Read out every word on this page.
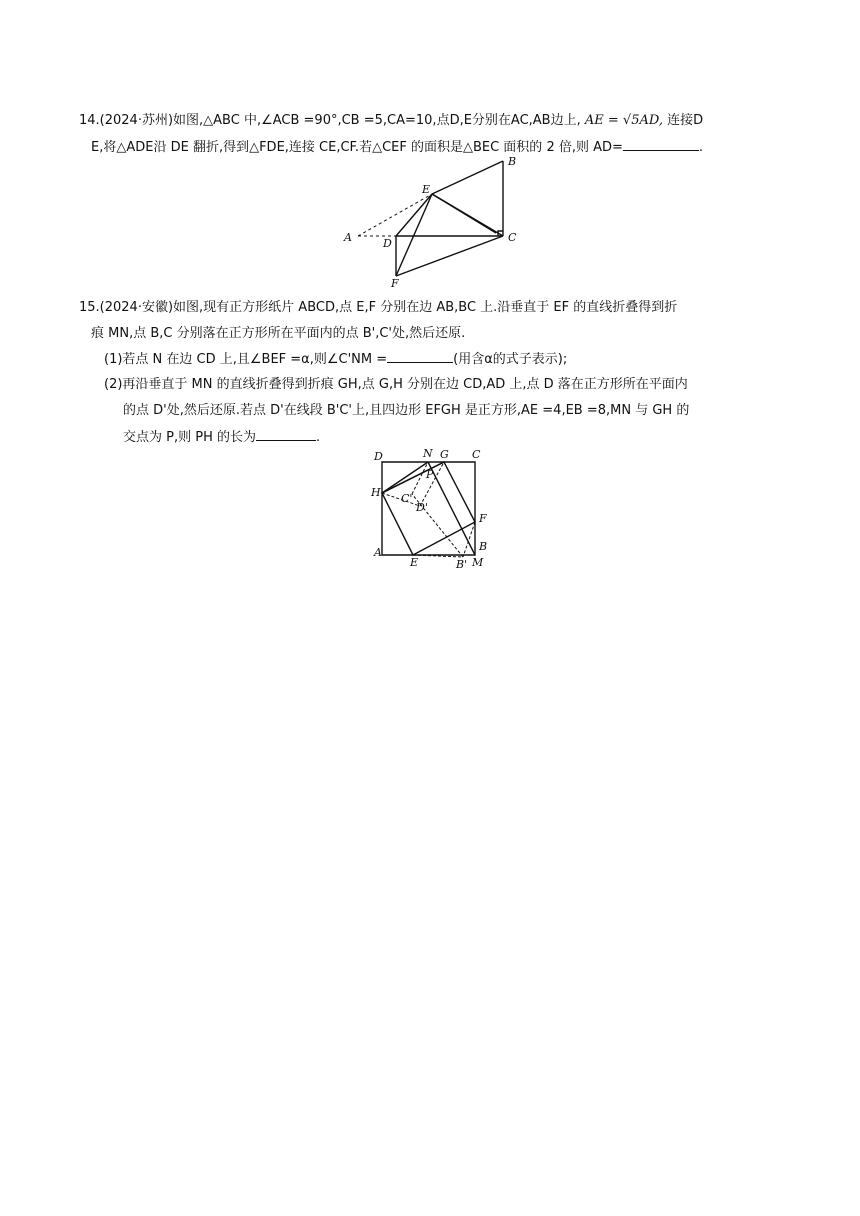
14.(2024·苏州)如图,△ABC 中,∠ACB =90°,CB =5,CA=10,点D,E分别在AC,AB边上, AE = √5AD, 连接D
E,将△ADE沿 DE 翻折,得到△FDE,连接 CE,CF.若△CEF 的面积是△BEC 面积的 2 倍,则 AD=	.
A
B
C
D
E
F
15.(2024·安徽)如图,现有正方形纸片 ABCD,点 E,F 分别在边 AB,BC 上.沿垂直于 EF 的直线折叠得到折
痕 MN,点 B,C 分别落在正方形所在平面内的点 B',C'处,然后还原.
(1)若点 N 在边 CD 上,且∠BEF =α,则∠C'NM =	(用含α的式子表示);
(2)再沿垂直于 MN 的直线折叠得到折痕 GH,点 G,H 分别在边 CD,AD 上,点 D 落在正方形所在平面内
的点 D'处,然后还原.若点 D'在线段 B'C'上,且四边形 EFGH 是正方形,AE =4,EB =8,MN 与 GH 的
交点为 P,则 PH 的长为	.
D	N G C
P
H C'
D'
F
B
A
E	B' M
